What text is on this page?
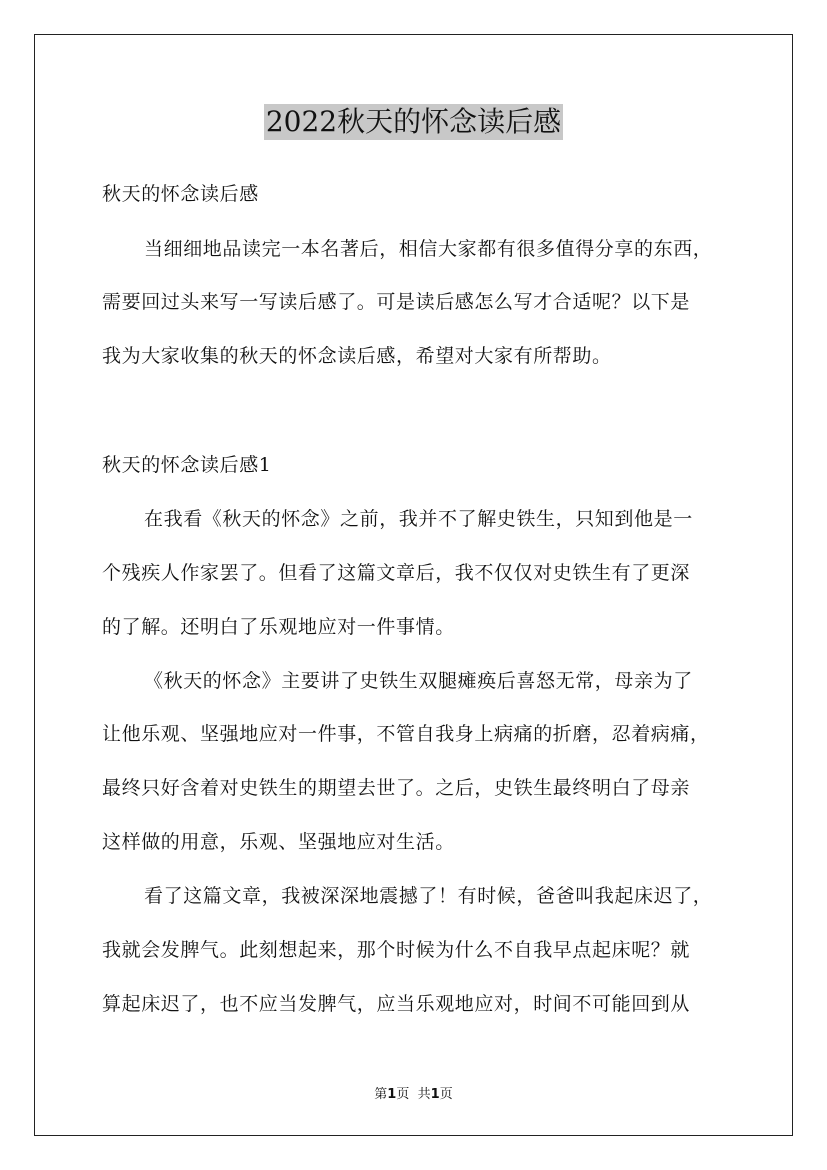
2022秋天的怀念读后感
秋天的怀念读后感
当细细地品读完一本名著后，相信大家都有很多值得分享的东西，
需要回过头来写一写读后感了。可是读后感怎么写才合适呢？以下是
我为大家收集的秋天的怀念读后感，希望对大家有所帮助。
秋天的怀念读后感1
在我看《秋天的怀念》之前，我并不了解史铁生，只知到他是一
个残疾人作家罢了。但看了这篇文章后，我不仅仅对史铁生有了更深
的了解。还明白了乐观地应对一件事情。
《秋天的怀念》主要讲了史铁生双腿瘫痪后喜怒无常，母亲为了
让他乐观、坚强地应对一件事，不管自我身上病痛的折磨，忍着病痛，
最终只好含着对史铁生的期望去世了。之后，史铁生最终明白了母亲
这样做的用意，乐观、坚强地应对生活。
看了这篇文章，我被深深地震撼了！有时候，爸爸叫我起床迟了，
我就会发脾气。此刻想起来，那个时候为什么不自我早点起床呢？就
算起床迟了，也不应当发脾气，应当乐观地应对，时间不可能回到从
第1页 共1页
